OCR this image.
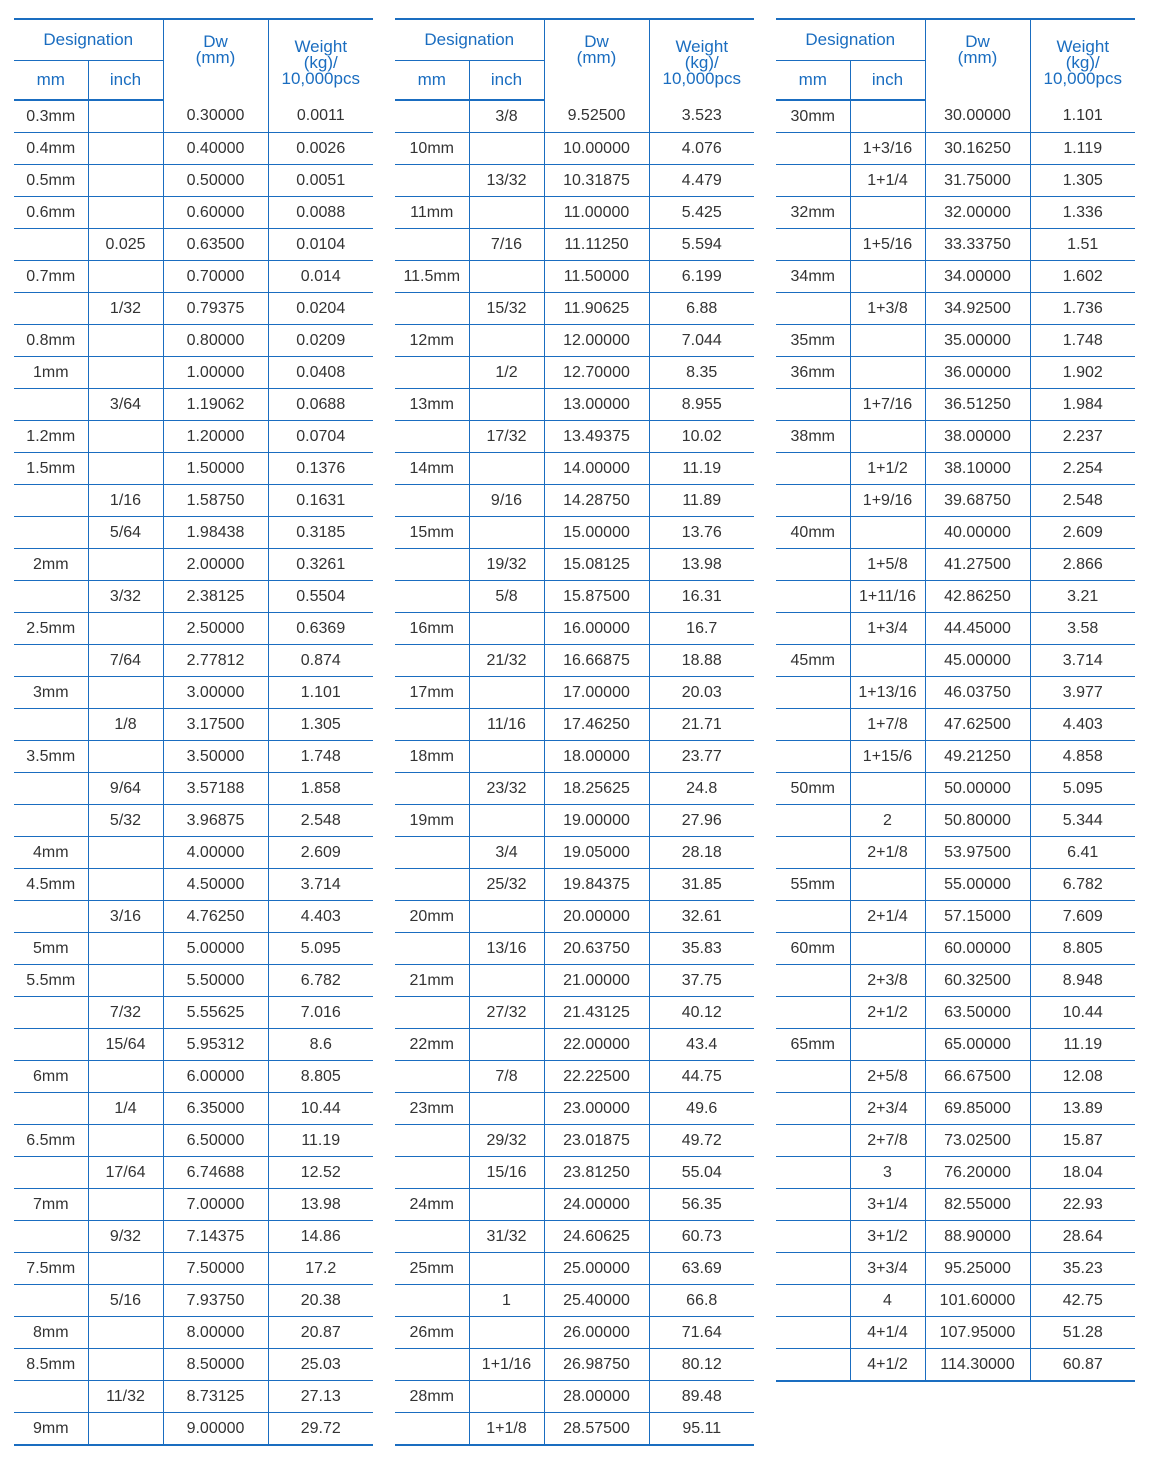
Designation		Dw
(mm)	Weight
(kg)/
10,000pcs
mm	inch		
0.3mm		0.30000	0.0011
0.4mm		0.40000	0.0026
0.5mm		0.50000	0.0051
0.6mm		0.60000	0.0088
	0.025	0.63500	0.0104
0.7mm		0.70000	0.014
	1/32	0.79375	0.0204
0.8mm		0.80000	0.0209
1mm		1.00000	0.0408
	3/64	1.19062	0.0688
1.2mm		1.20000	0.0704
1.5mm		1.50000	0.1376
	1/16	1.58750	0.1631
	5/64	1.98438	0.3185
2mm		2.00000	0.3261
	3/32	2.38125	0.5504
2.5mm		2.50000	0.6369
	7/64	2.77812	0.874
3mm		3.00000	1.101
	1/8	3.17500	1.305
3.5mm		3.50000	1.748
	9/64	3.57188	1.858
	5/32	3.96875	2.548
4mm		4.00000	2.609
4.5mm		4.50000	3.714
	3/16	4.76250	4.403
5mm		5.00000	5.095
5.5mm		5.50000	6.782
	7/32	5.55625	7.016
	15/64	5.95312	8.6
6mm		6.00000	8.805
	1/4	6.35000	10.44
6.5mm		6.50000	11.19
	17/64	6.74688	12.52
7mm		7.00000	13.98
	9/32	7.14375	14.86
7.5mm		7.50000	17.2
	5/16	7.93750	20.38
8mm		8.00000	20.87
8.5mm		8.50000	25.03
	11/32	8.73125	27.13
9mm		9.00000	29.72
Designation		Dw
(mm)	Weight
(kg)/
10,000pcs
mm	inch		
	3/8	9.52500	3.523
10mm		10.00000	4.076
	13/32	10.31875	4.479
11mm		11.00000	5.425
	7/16	11.11250	5.594
11.5mm		11.50000	6.199
	15/32	11.90625	6.88
12mm		12.00000	7.044
	1/2	12.70000	8.35
13mm		13.00000	8.955
	17/32	13.49375	10.02
14mm		14.00000	11.19
	9/16	14.28750	11.89
15mm		15.00000	13.76
	19/32	15.08125	13.98
	5/8	15.87500	16.31
16mm		16.00000	16.7
	21/32	16.66875	18.88
17mm		17.00000	20.03
	11/16	17.46250	21.71
18mm		18.00000	23.77
	23/32	18.25625	24.8
19mm		19.00000	27.96
	3/4	19.05000	28.18
	25/32	19.84375	31.85
20mm		20.00000	32.61
	13/16	20.63750	35.83
21mm		21.00000	37.75
	27/32	21.43125	40.12
22mm		22.00000	43.4
	7/8	22.22500	44.75
23mm		23.00000	49.6
	29/32	23.01875	49.72
	15/16	23.81250	55.04
24mm		24.00000	56.35
	31/32	24.60625	60.73
25mm		25.00000	63.69
	1	25.40000	66.8
26mm		26.00000	71.64
	1+1/16	26.98750	80.12
28mm		28.00000	89.48
	1+1/8	28.57500	95.11
Designation		Dw
(mm)	Weight
(kg)/
10,000pcs
mm	inch		
30mm		30.00000	1.101
	1+3/16	30.16250	1.119
	1+1/4	31.75000	1.305
32mm		32.00000	1.336
	1+5/16	33.33750	1.51
34mm		34.00000	1.602
	1+3/8	34.92500	1.736
35mm		35.00000	1.748
36mm		36.00000	1.902
	1+7/16	36.51250	1.984
38mm		38.00000	2.237
	1+1/2	38.10000	2.254
	1+9/16	39.68750	2.548
40mm		40.00000	2.609
	1+5/8	41.27500	2.866
	1+11/16	42.86250	3.21
	1+3/4	44.45000	3.58
45mm		45.00000	3.714
	1+13/16	46.03750	3.977
	1+7/8	47.62500	4.403
	1+15/6	49.21250	4.858
50mm		50.00000	5.095
	2	50.80000	5.344
	2+1/8	53.97500	6.41
55mm		55.00000	6.782
	2+1/4	57.15000	7.609
60mm		60.00000	8.805
	2+3/8	60.32500	8.948
	2+1/2	63.50000	10.44
65mm		65.00000	11.19
	2+5/8	66.67500	12.08
	2+3/4	69.85000	13.89
	2+7/8	73.02500	15.87
	3	76.20000	18.04
	3+1/4	82.55000	22.93
	3+1/2	88.90000	28.64
	3+3/4	95.25000	35.23
	4	101.60000	42.75
	4+1/4	107.95000	51.28
	4+1/2	114.30000	60.87
